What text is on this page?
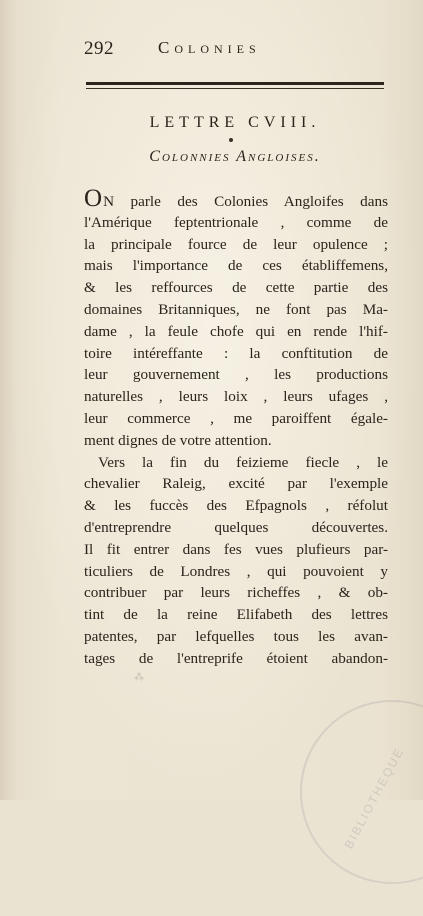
292	Colonies
LETTRE CVIII.
Colonnies Angloises.
ON parle des Colonies Angloifes dans
l'Amérique feptentrionale , comme de
la principale fource de leur opulence ;
mais l'importance de ces établiffemens,
& les reffources de cette partie des
domaines Britanniques, ne font pas Ma-
dame , la feule chofe qui en rende l'hif-
toire intéreffante : la conftitution de
leur gouvernement , les productions
naturelles , leurs loix , leurs ufages ,
leur commerce , me paroiffent égale-
ment dignes de votre attention.
Vers la fin du feizieme fiecle , le
chevalier Raleig, excité par l'exemple
& les fuccès des Efpagnols , réfolut
d'entreprendre quelques découvertes.
Il fit entrer dans fes vues plufieurs par-
ticuliers de Londres , qui pouvoient y
contribuer par leurs richeffes , & ob-
tint de la reine Elifabeth des lettres
patentes, par lefquelles tous les avan-
tages de l'entreprife étoient abandon-
⁂
BIBLIOTHEQUE
